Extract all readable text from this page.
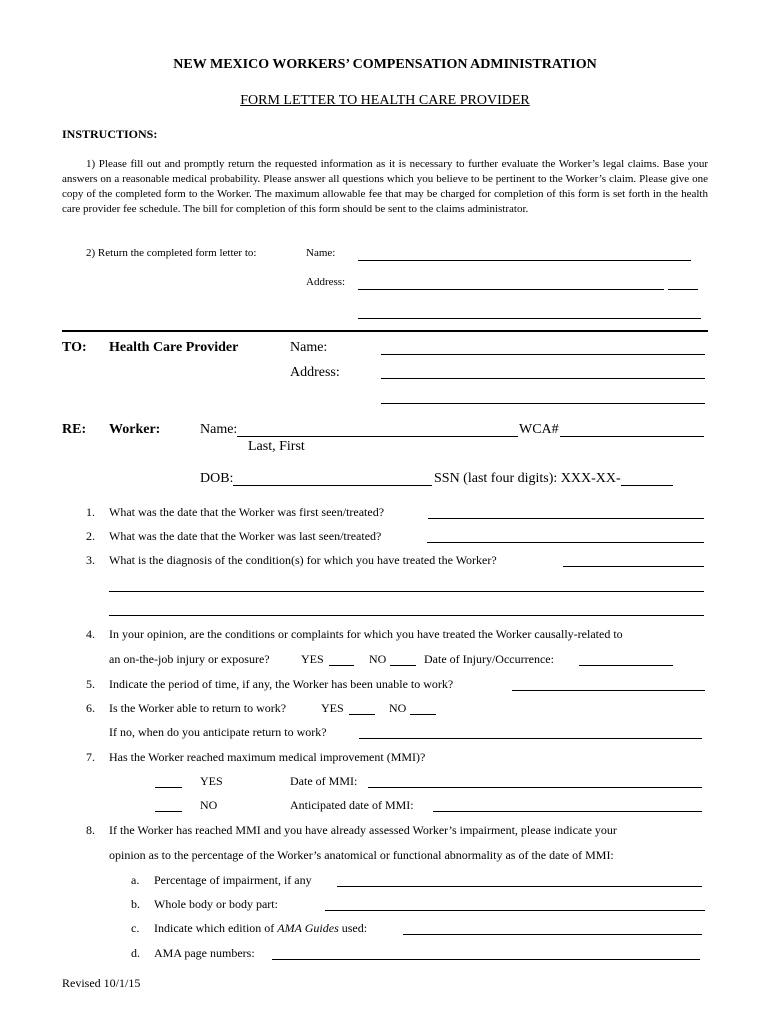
NEW MEXICO WORKERS’ COMPENSATION ADMINISTRATION
FORM LETTER TO HEALTH CARE PROVIDER
INSTRUCTIONS:
1) Please fill out and promptly return the requested information as it is necessary to further evaluate the Worker’s legal claims. Base your answers on a reasonable medical probability. Please answer all questions which you believe to be pertinent to the Worker’s claim. Please give one copy of the completed form to the Worker. The maximum allowable fee that may be charged for completion of this form is set forth in the health care provider fee schedule. The bill for completion of this form should be sent to the claims administrator.
2) Return the completed form letter to:	Name:
Address:
TO: Health Care Provider	Name:
Address:
RE: Worker:	Name:	WCA#
Last, First
DOB:	SSN (last four digits): XXX-XX-
1. What was the date that the Worker was first seen/treated?
2. What was the date that the Worker was last seen/treated?
3. What is the diagnosis of the condition(s) for which you have treated the Worker?
4. In your opinion, are the conditions or complaints for which you have treated the Worker causally-related to
an on-the-job injury or exposure?	YES	NO	Date of Injury/Occurrence:
5. Indicate the period of time, if any, the Worker has been unable to work?
6. Is the Worker able to return to work?	YES	NO
If no, when do you anticipate return to work?
7. Has the Worker reached maximum medical improvement (MMI)?
YES	Date of MMI:
NO	Anticipated date of MMI:
8. If the Worker has reached MMI and you have already assessed Worker’s impairment, please indicate your
opinion as to the percentage of the Worker’s anatomical or functional abnormality as of the date of MMI:
a. Percentage of impairment, if any
b. Whole body or body part:
c. Indicate which edition of AMA Guides used:
d. AMA page numbers:
Revised 10/1/15
